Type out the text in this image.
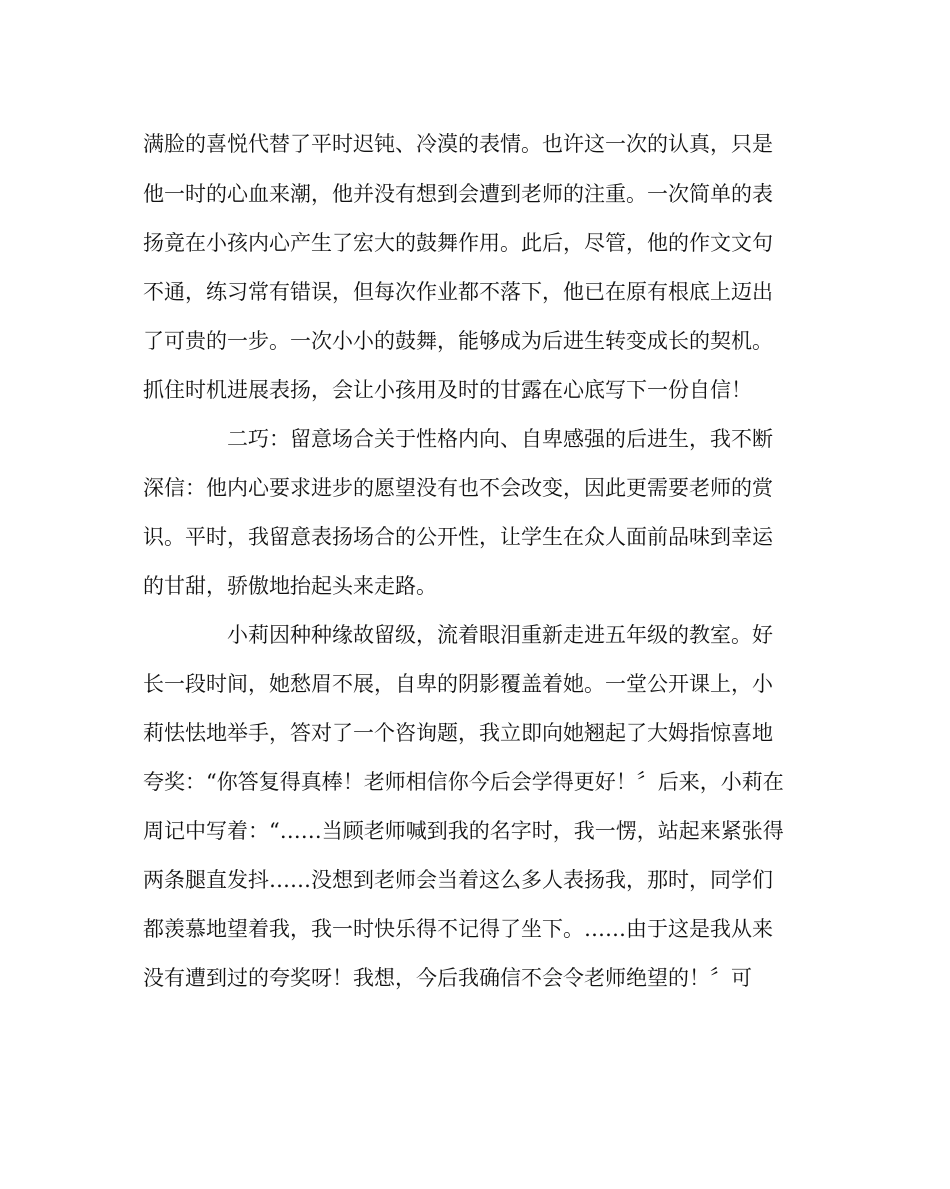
满脸的喜悦代替了平时迟钝、冷漠的表情。也许这一次的认真，只是

他一时的心血来潮，他并没有想到会遭到老师的注重。一次简单的表

扬竟在小孩内心产生了宏大的鼓舞作用。此后，尽管，他的作文文句

不通，练习常有错误，但每次作业都不落下，他已在原有根底上迈出

了可贵的一步。一次小小的鼓舞，能够成为后进生转变成长的契机。

抓住时机进展表扬，会让小孩用及时的甘露在心底写下一份自信！

二巧：留意场合关于性格内向、自卑感强的后进生，我不断

深信：他内心要求进步的愿望没有也不会改变，因此更需要老师的赏

识。平时，我留意表扬场合的公开性，让学生在众人面前品味到幸运

的甘甜，骄傲地抬起头来走路。

小莉因种种缘故留级，流着眼泪重新走进五年级的教室。好

长一段时间，她愁眉不展，自卑的阴影覆盖着她。一堂公开课上，小

莉怯怯地举手，答对了一个咨询题，我立即向她翘起了大姆指惊喜地

夸奖：“你答复得真棒！老师相信你今后会学得更好！〞后来，小莉在

周记中写着：“……当顾老师喊到我的名字时，我一愣，站起来紧张得

两条腿直发抖……没想到老师会当着这么多人表扬我，那时，同学们

都羡慕地望着我，我一时快乐得不记得了坐下。……由于这是我从来

没有遭到过的夸奖呀！我想，今后我确信不会令老师绝望的！〞可
